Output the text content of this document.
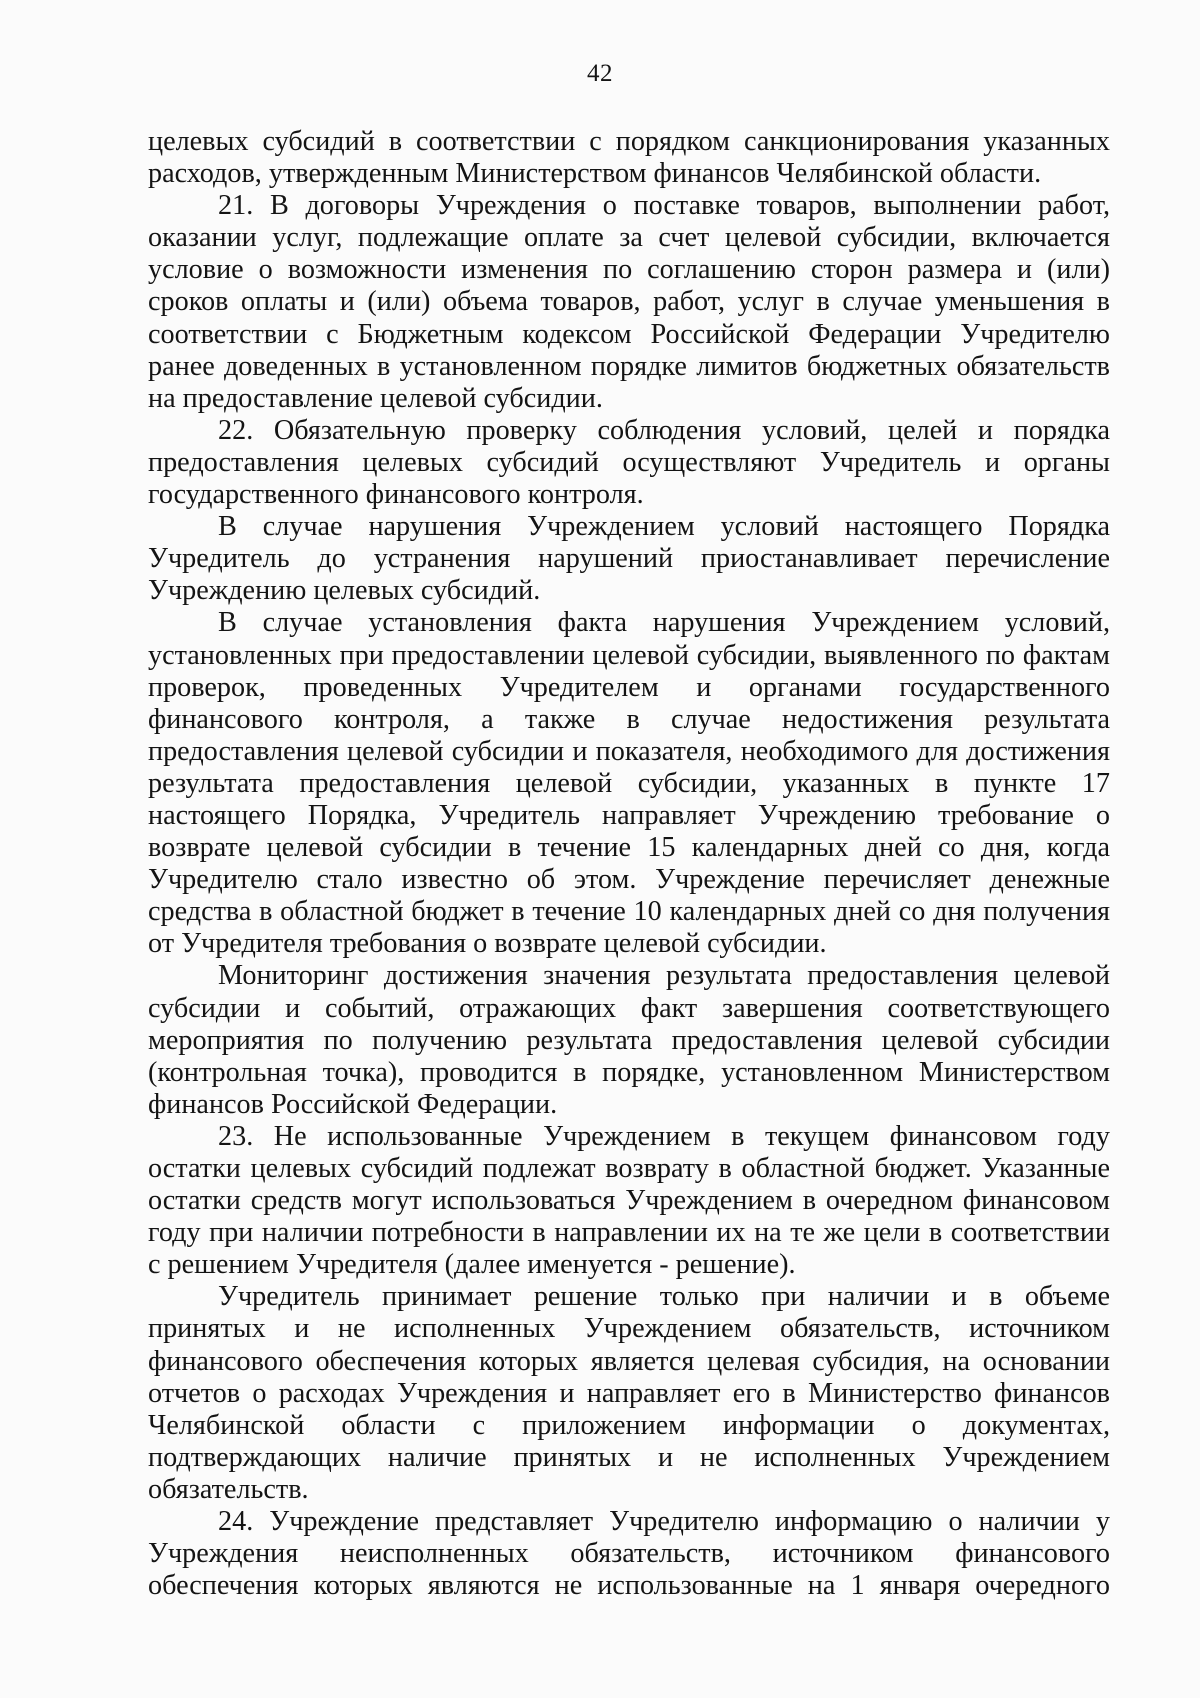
42

целевых субсидий в соответствии с порядком санкционирования указанных расходов, утвержденным Министерством финансов Челябинской области.

21. В договоры Учреждения о поставке товаров, выполнении работ, оказании услуг, подлежащие оплате за счет целевой субсидии, включается условие о возможности изменения по соглашению сторон размера и (или) сроков оплаты и (или) объема товаров, работ, услуг в случае уменьшения в соответствии с Бюджетным кодексом Российской Федерации Учредителю ранее доведенных в установленном порядке лимитов бюджетных обязательств на предоставление целевой субсидии.

22. Обязательную проверку соблюдения условий, целей и порядка предоставления целевых субсидий осуществляют Учредитель и органы государственного финансового контроля.

В случае нарушения Учреждением условий настоящего Порядка Учредитель до устранения нарушений приостанавливает перечисление Учреждению целевых субсидий.

В случае установления факта нарушения Учреждением условий, установленных при предоставлении целевой субсидии, выявленного по фактам проверок, проведенных Учредителем и органами государственного финансового контроля, а также в случае недостижения результата предоставления целевой субсидии и показателя, необходимого для достижения результата предоставления целевой субсидии, указанных в пункте 17 настоящего Порядка, Учредитель направляет Учреждению требование о возврате целевой субсидии в течение 15 календарных дней со дня, когда Учредителю стало известно об этом. Учреждение перечисляет денежные средства в областной бюджет в течение 10 календарных дней со дня получения от Учредителя требования о возврате целевой субсидии.

Мониторинг достижения значения результата предоставления целевой субсидии и событий, отражающих факт завершения соответствующего мероприятия по получению результата предоставления целевой субсидии (контрольная точка), проводится в порядке, установленном Министерством финансов Российской Федерации.

23. Не использованные Учреждением в текущем финансовом году остатки целевых субсидий подлежат возврату в областной бюджет. Указанные остатки средств могут использоваться Учреждением в очередном финансовом году при наличии потребности в направлении их на те же цели в соответствии с решением Учредителя (далее именуется - решение).

Учредитель принимает решение только при наличии и в объеме принятых и не исполненных Учреждением обязательств, источником финансового обеспечения которых является целевая субсидия, на основании отчетов о расходах Учреждения и направляет его в Министерство финансов Челябинской области с приложением информации о документах, подтверждающих наличие принятых и не исполненных Учреждением обязательств.

24. Учреждение представляет Учредителю информацию о наличии у Учреждения неисполненных обязательств, источником финансового обеспечения которых являются не использованные на 1 января очередного
